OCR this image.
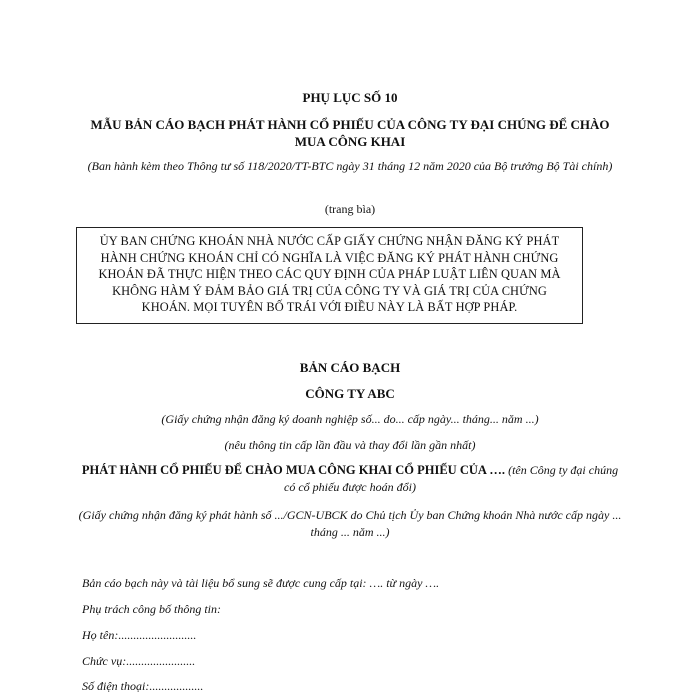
PHỤ LỤC SỐ 10
MẪU BẢN CÁO BẠCH PHÁT HÀNH CỔ PHIẾU CỦA CÔNG TY ĐẠI CHÚNG ĐỂ CHÀO MUA CÔNG KHAI
(Ban hành kèm theo Thông tư số 118/2020/TT-BTC ngày 31 tháng 12 năm 2020 của Bộ trưởng Bộ Tài chính)
(trang bìa)
ỦY BAN CHỨNG KHOÁN NHÀ NƯỚC CẤP GIẤY CHỨNG NHẬN ĐĂNG KÝ PHÁT HÀNH CHỨNG KHOÁN CHỈ CÓ NGHĨA LÀ VIỆC ĐĂNG KÝ PHÁT HÀNH CHỨNG KHOÁN ĐÃ THỰC HIỆN THEO CÁC QUY ĐỊNH CỦA PHÁP LUẬT LIÊN QUAN MÀ KHÔNG HÀM Ý ĐẢM BẢO GIÁ TRỊ CỦA CÔNG TY VÀ GIÁ TRỊ CỦA CHỨNG KHOÁN. MỌI TUYÊN BỐ TRÁI VỚI ĐIỀU NÀY LÀ BẤT HỢP PHÁP.
BẢN CÁO BẠCH
CÔNG TY ABC
(Giấy chứng nhận đăng ký doanh nghiệp số... do... cấp ngày... tháng... năm ...)
(nêu thông tin cấp lần đầu và thay đổi lần gần nhất)
PHÁT HÀNH CỔ PHIẾU ĐỂ CHÀO MUA CÔNG KHAI CỔ PHIẾU CỦA …. (tên Công ty đại chúng có cổ phiếu được hoán đổi)
(Giấy chứng nhận đăng ký phát hành số .../GCN-UBCK do Chủ tịch Ủy ban Chứng khoán Nhà nước cấp ngày ... tháng ... năm ...)
Bản cáo bạch này và tài liệu bổ sung sẽ được cung cấp tại: …. từ ngày ….
Phụ trách công bố thông tin:
Họ tên:..........................
Chức vụ:.......................
Số điện thoại:..................
